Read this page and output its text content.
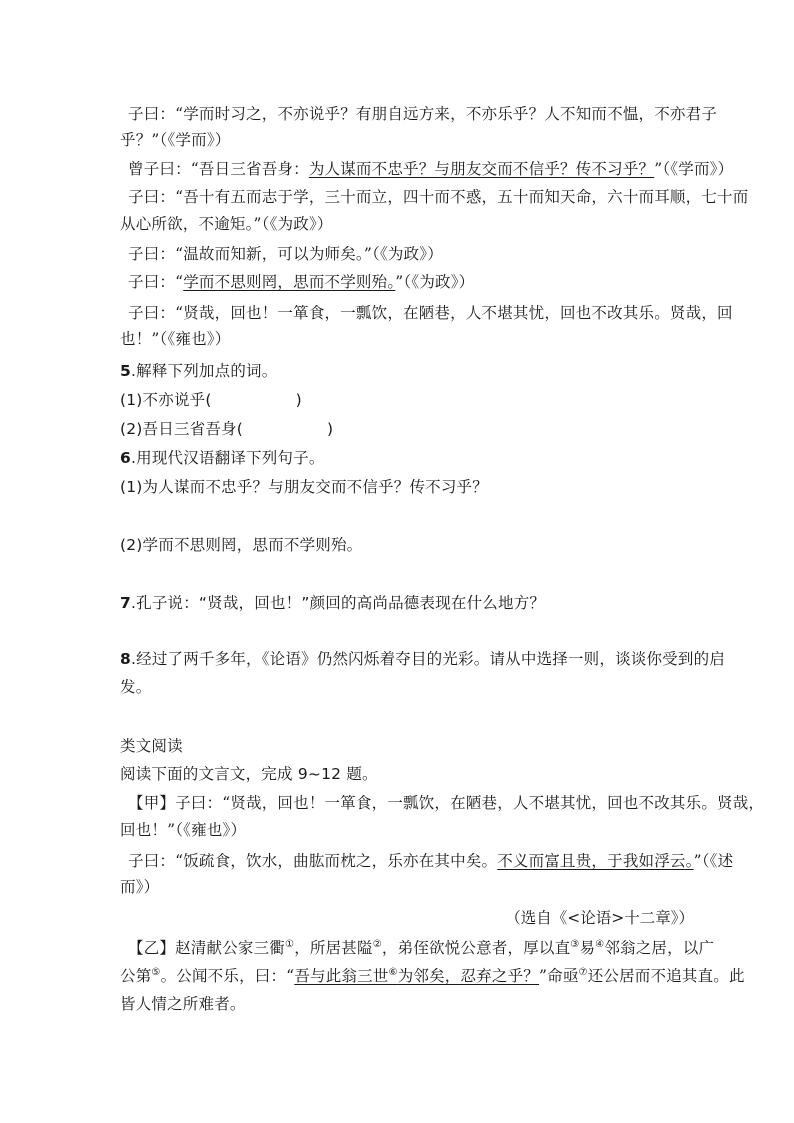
子曰：“学而时习之，不亦说乎？有朋自远方来，不亦乐乎？人不知而不愠，不亦君子
乎？”（《学而》）
曾子曰：“吾日三省吾身：为人谋而不忠乎？与朋友交而不信乎？传不习乎？”（《学而》）
子曰：“吾十有五而志于学，三十而立，四十而不惑，五十而知天命，六十而耳顺，七十而
从心所欲，不逾矩。”（《为政》）
子曰：“温故而知新，可以为师矣。”（《为政》）
子曰：“学而不思则罔，思而不学则殆。”（《为政》）
子曰：“贤哉，回也！一箪食，一瓢饮，在陋巷，人不堪其忧，回也不改其乐。贤哉，回
也！”（《雍也》）
5.解释下列加点的词。
(1)不亦说乎(	)
(2)吾日三省吾身(	)
6.用现代汉语翻译下列句子。
(1)为人谋而不忠乎？与朋友交而不信乎？传不习乎？
(2)学而不思则罔，思而不学则殆。
7.孔子说：“贤哉，回也！”颜回的高尚品德表现在什么地方？
8.经过了两千多年，《论语》仍然闪烁着夺目的光彩。请从中选择一则，谈谈你受到的启
发。
类文阅读
阅读下面的文言文，完成 9~12 题。
【甲】子曰：“贤哉，回也！一箪食，一瓢饮，在陋巷，人不堪其忧，回也不改其乐。贤哉，
回也！”（《雍也》）
子曰：“饭疏食，饮水，曲肱而枕之，乐亦在其中矣。不义而富且贵，于我如浮云。”（《述
而》）
（选自《<论语>十二章》）
【乙】赵清献公家三衢①，所居甚隘②，弟侄欲悦公意者，厚以直③易④邻翁之居，以广
公第⑤。公闻不乐，曰：“吾与此翁三世⑥为邻矣，忍弃之乎？”命亟⑦还公居而不追其直。此
皆人情之所难者。
